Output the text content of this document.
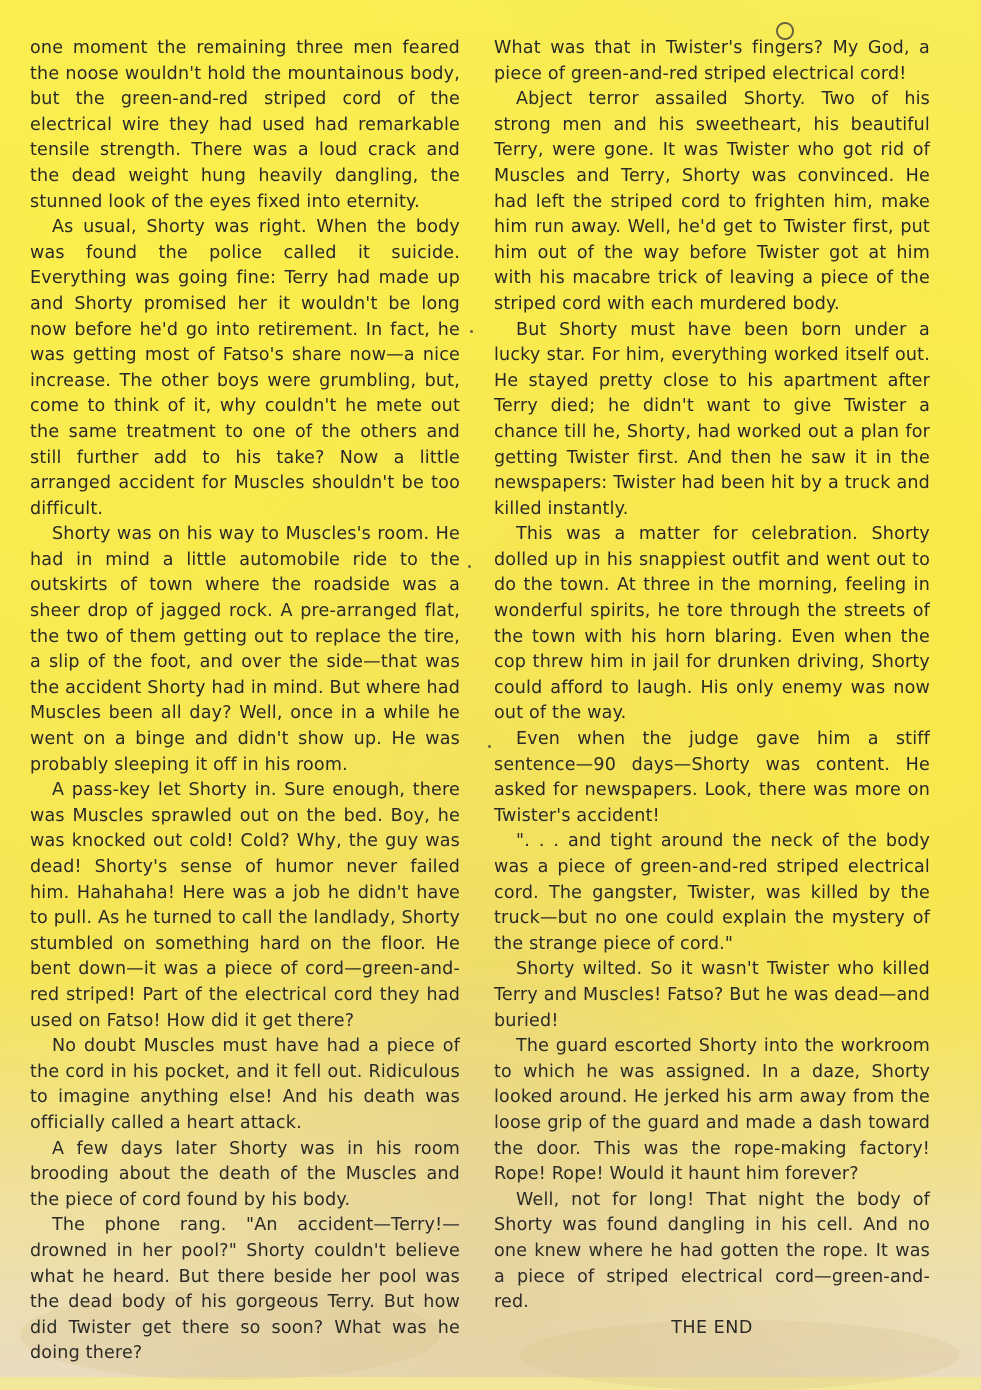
one moment the remaining three men feared the noose wouldn't hold the mountainous body, but the green-and-red striped cord of the electrical wire they had used had remarkable tensile strength. There was a loud crack and the dead weight hung heavily dangling, the stunned look of the eyes fixed into eternity.

As usual, Shorty was right. When the body was found the police called it suicide. Everything was going fine: Terry had made up and Shorty promised her it wouldn't be long now before he'd go into retirement. In fact, he was getting most of Fatso's share now—a nice increase. The other boys were grumbling, but, come to think of it, why couldn't he mete out the same treatment to one of the others and still further add to his take? Now a little arranged accident for Muscles shouldn't be too difficult.

Shorty was on his way to Muscles's room. He had in mind a little automobile ride to the outskirts of town where the roadside was a sheer drop of jagged rock. A pre-arranged flat, the two of them getting out to replace the tire, a slip of the foot, and over the side—that was the accident Shorty had in mind. But where had Muscles been all day? Well, once in a while he went on a binge and didn't show up. He was probably sleeping it off in his room.

A pass-key let Shorty in. Sure enough, there was Muscles sprawled out on the bed. Boy, he was knocked out cold! Cold? Why, the guy was dead! Shorty's sense of humor never failed him. Hahahaha! Here was a job he didn't have to pull. As he turned to call the landlady, Shorty stumbled on something hard on the floor. He bent down—it was a piece of cord—green-and-red striped! Part of the electrical cord they had used on Fatso! How did it get there?

No doubt Muscles must have had a piece of the cord in his pocket, and it fell out. Ridiculous to imagine anything else! And his death was officially called a heart attack.

A few days later Shorty was in his room brooding about the death of the Muscles and the piece of cord found by his body.

The phone rang. "An accident—Terry!—drowned in her pool?" Shorty couldn't believe what he heard. But there beside her pool was the dead body of his gorgeous Terry. But how did Twister get there so soon? What was he doing there?

What was that in Twister's fingers? My God, a piece of green-and-red striped electrical cord!

Abject terror assailed Shorty. Two of his strong men and his sweetheart, his beautiful Terry, were gone. It was Twister who got rid of Muscles and Terry, Shorty was convinced. He had left the striped cord to frighten him, make him run away. Well, he'd get to Twister first, put him out of the way before Twister got at him with his macabre trick of leaving a piece of the striped cord with each murdered body.

But Shorty must have been born under a lucky star. For him, everything worked itself out. He stayed pretty close to his apartment after Terry died; he didn't want to give Twister a chance till he, Shorty, had worked out a plan for getting Twister first. And then he saw it in the newspapers: Twister had been hit by a truck and killed instantly.

This was a matter for celebration. Shorty dolled up in his snappiest outfit and went out to do the town. At three in the morning, feeling in wonderful spirits, he tore through the streets of the town with his horn blaring. Even when the cop threw him in jail for drunken driving, Shorty could afford to laugh. His only enemy was now out of the way.

Even when the judge gave him a stiff sentence—90 days—Shorty was content. He asked for newspapers. Look, there was more on Twister's accident!

". . . and tight around the neck of the body was a piece of green-and-red striped electrical cord. The gangster, Twister, was killed by the truck—but no one could explain the mystery of the strange piece of cord."

Shorty wilted. So it wasn't Twister who killed Terry and Muscles! Fatso? But he was dead—and buried!

The guard escorted Shorty into the workroom to which he was assigned. In a daze, Shorty looked around. He jerked his arm away from the loose grip of the guard and made a dash toward the door. This was the rope-making factory! Rope! Rope! Would it haunt him forever?

Well, not for long! That night the body of Shorty was found dangling in his cell. And no one knew where he had gotten the rope. It was a piece of striped electrical cord—green-and-red.

THE END
